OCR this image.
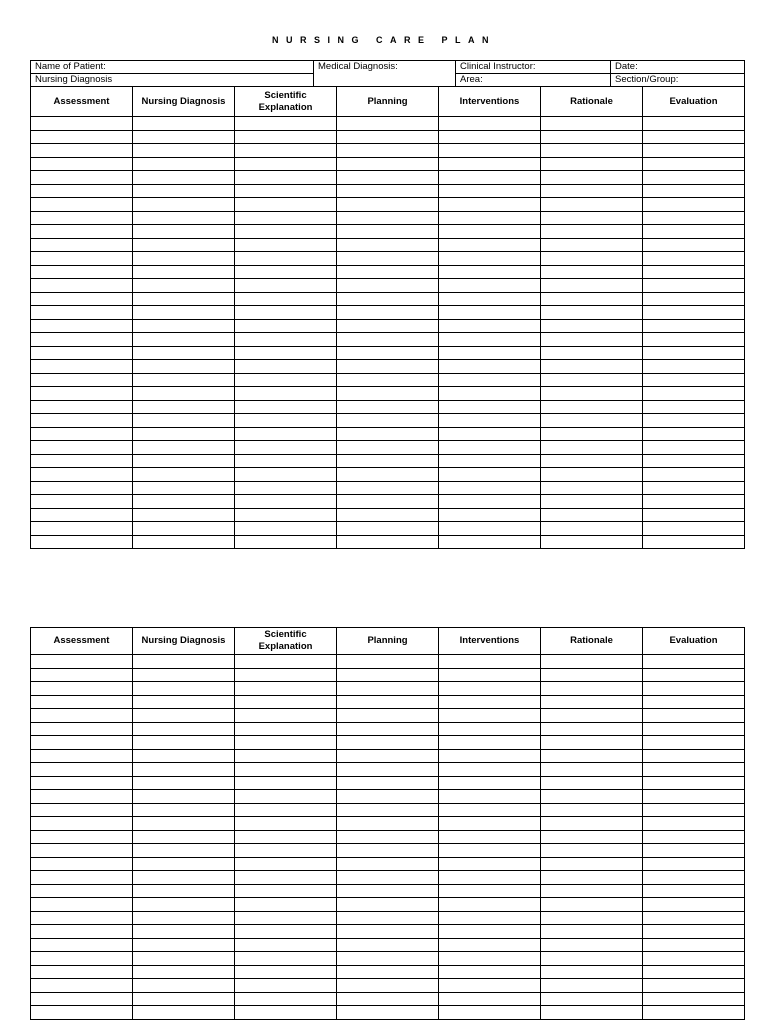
NURSING CARE PLAN
Name of Patient:	Medical Diagnosis:	Clinical Instructor:	Date:
Nursing Diagnosis		Area:	Section/Group:
Assessment	Nursing Diagnosis	Scientific Explanation	Planning	Interventions	Rationale	Evaluation

Assessment	Nursing Diagnosis	Scientific Explanation	Planning	Interventions	Rationale	Evaluation
